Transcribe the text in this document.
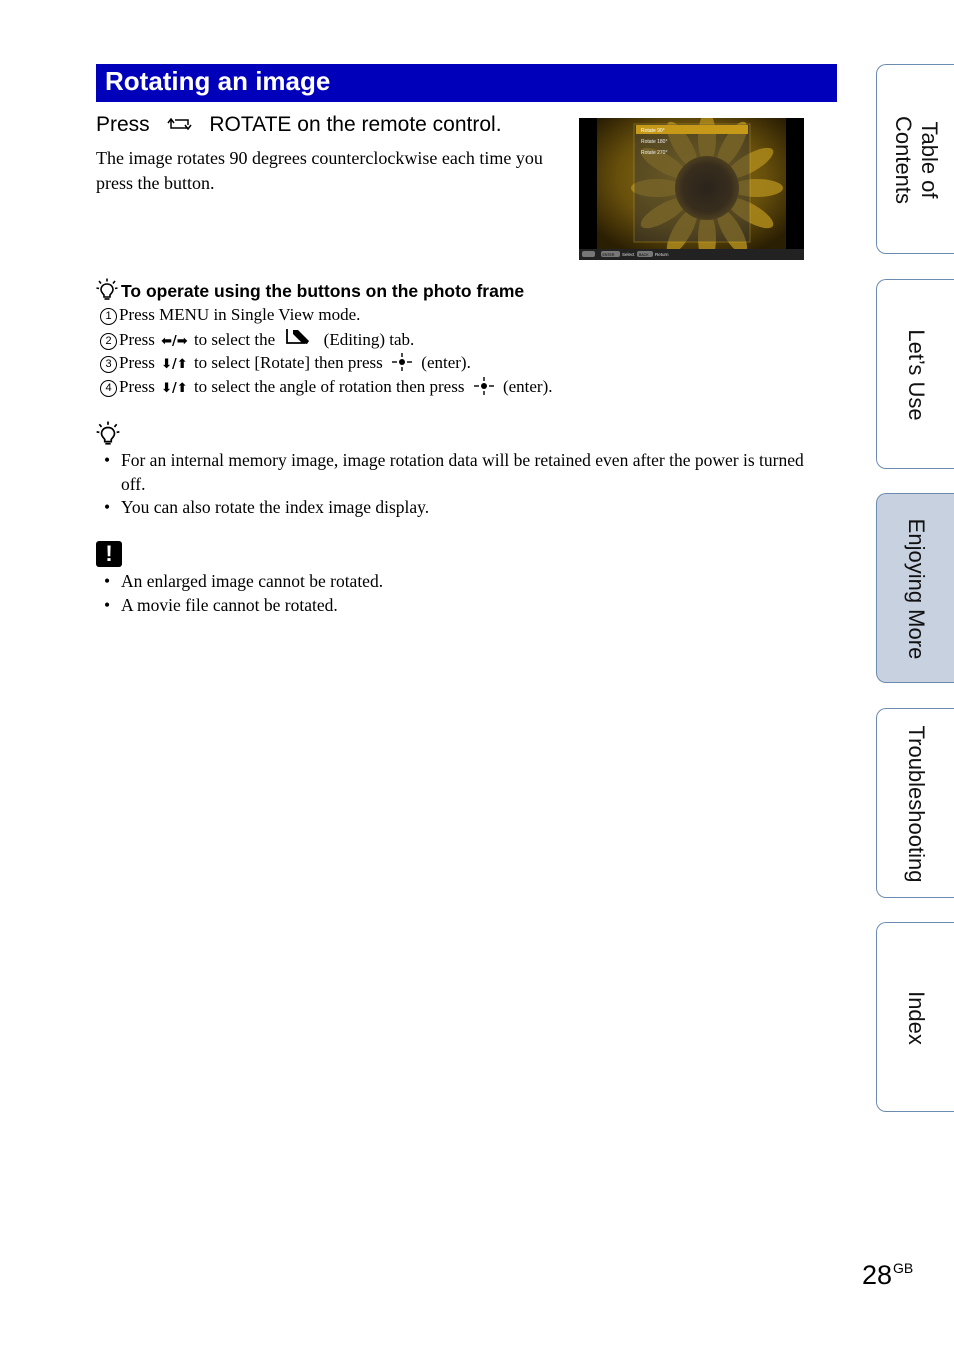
Rotating an image
Press	ROTATE on the remote control.
The image rotates 90 degrees counterclockwise each time you press the button.
Rotate 90°
Rotate 180°
Rotate 270°
ENTER Select BACK Return
To operate using the buttons on the photo frame
1 Press MENU in Single View mode.
2 Press ⬅/➡ to select the	(Editing) tab.
3 Press ⬇/⬆ to select [Rotate] then press (enter).
4 Press ⬇/⬆ to select the angle of rotation then press (enter).
• For an internal memory image, image rotation data will be retained even after the power is turned off.
• You can also rotate the index image display.
!
• An enlarged image cannot be rotated.
• A movie file cannot be rotated.
Table of
Contents
Let’s Use
Enjoying More
Troubleshooting
Index
$28^{GB}$
